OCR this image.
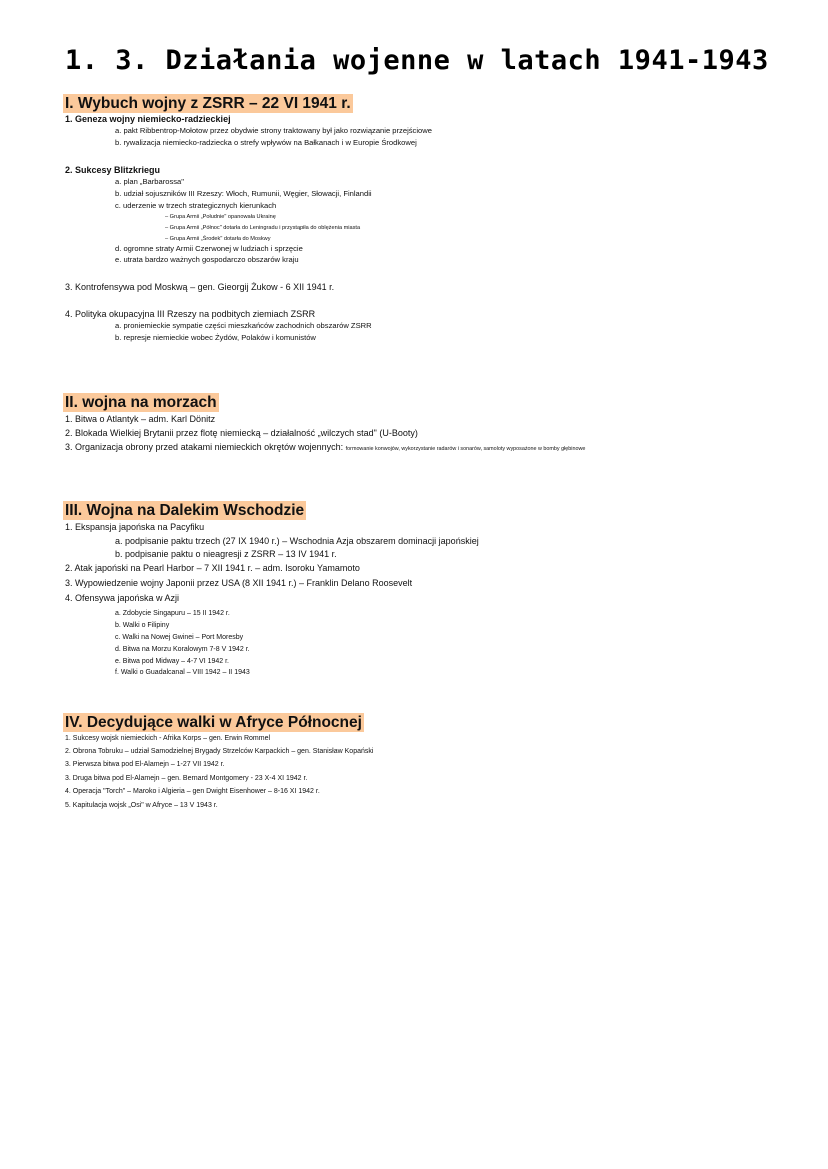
1. 3. Działania wojenne w latach 1941-1943
I. Wybuch wojny z ZSRR – 22 VI 1941 r.
1. Geneza wojny niemiecko-radzieckiej
a. pakt Ribbentrop-Mołotow przez obydwie strony traktowany był jako rozwiązanie przejściowe
b. rywalizacja niemiecko-radziecka o strefy wpływów na Bałkanach i w Europie Środkowej
2. Sukcesy Blitzkriegu
a. plan „Barbarossa"
b. udział sojuszników III Rzeszy: Włoch, Rumunii, Węgier, Słowacji, Finlandii
c. uderzenie w trzech strategicznych kierunkach
– Grupa Armii „Południe" opanowała Ukrainę
– Grupa Armii „Północ" dotarła do Leningradu i przystąpiła do oblężenia miasta
– Grupa Armii „Środek" dotarła do Moskwy
d. ogromne straty Armii Czerwonej w ludziach i sprzęcie
e. utrata bardzo ważnych gospodarczo obszarów kraju
3. Kontrofensywa pod Moskwą – gen. Gieorgij Żukow - 6 XII 1941 r.
4. Polityka okupacyjna III Rzeszy na podbitych ziemiach ZSRR
a. proniemieckie sympatie części mieszkańców zachodnich obszarów ZSRR
b. represje niemieckie wobec Żydów, Polaków i komunistów
II. wojna na morzach
1. Bitwa o Atlantyk – adm. Karl Dönitz
2. Blokada Wielkiej Brytanii przez flotę niemiecką – działalność „wilczych stad" (U-Booty)
3. Organizacja obrony przed atakami niemieckich okrętów wojennych: formowanie konwojów, wykorzystanie radarów i sonarów, samoloty wyposażone w bomby głębinowe
III. Wojna na Dalekim Wschodzie
1. Ekspansja japońska na Pacyfiku
a. podpisanie paktu trzech (27 IX 1940 r.) – Wschodnia Azja obszarem dominacji japońskiej
b. podpisanie paktu o nieagresji z ZSRR – 13 IV 1941 r.
2. Atak japoński na Pearl Harbor – 7 XII 1941 r. – adm. Isoroku Yamamoto
3. Wypowiedzenie wojny Japonii przez USA (8 XII 1941 r.) – Franklin Delano Roosevelt
4. Ofensywa japońska w Azji
a. Zdobycie Singapuru – 15 II 1942 r.
b. Walki o Filipiny
c. Walki na Nowej Gwinei – Port Moresby
d. Bitwa na Morzu Koralowym 7-8 V 1942 r.
e. Bitwa pod Midway – 4-7 VI 1942 r.
f. Walki o Guadalcanal – VIII 1942 – II 1943
IV. Decydujące walki w Afryce Północnej
1. Sukcesy wojsk niemieckich - Afrika Korps – gen. Erwin Rommel
2. Obrona Tobruku – udział Samodzielnej Brygady Strzelców Karpackich – gen. Stanisław Kopański
3. Pierwsza bitwa pod El-Alamejn – 1-27 VII 1942 r.
3. Druga bitwa pod El-Alamejn – gen. Bernard Montgomery - 23 X-4 XI 1942 r.
4. Operacja "Torch" – Maroko i Algieria – gen Dwight Eisenhower – 8-16 XI 1942 r.
5. Kapitulacja wojsk „Osi" w Afryce – 13 V 1943 r.
